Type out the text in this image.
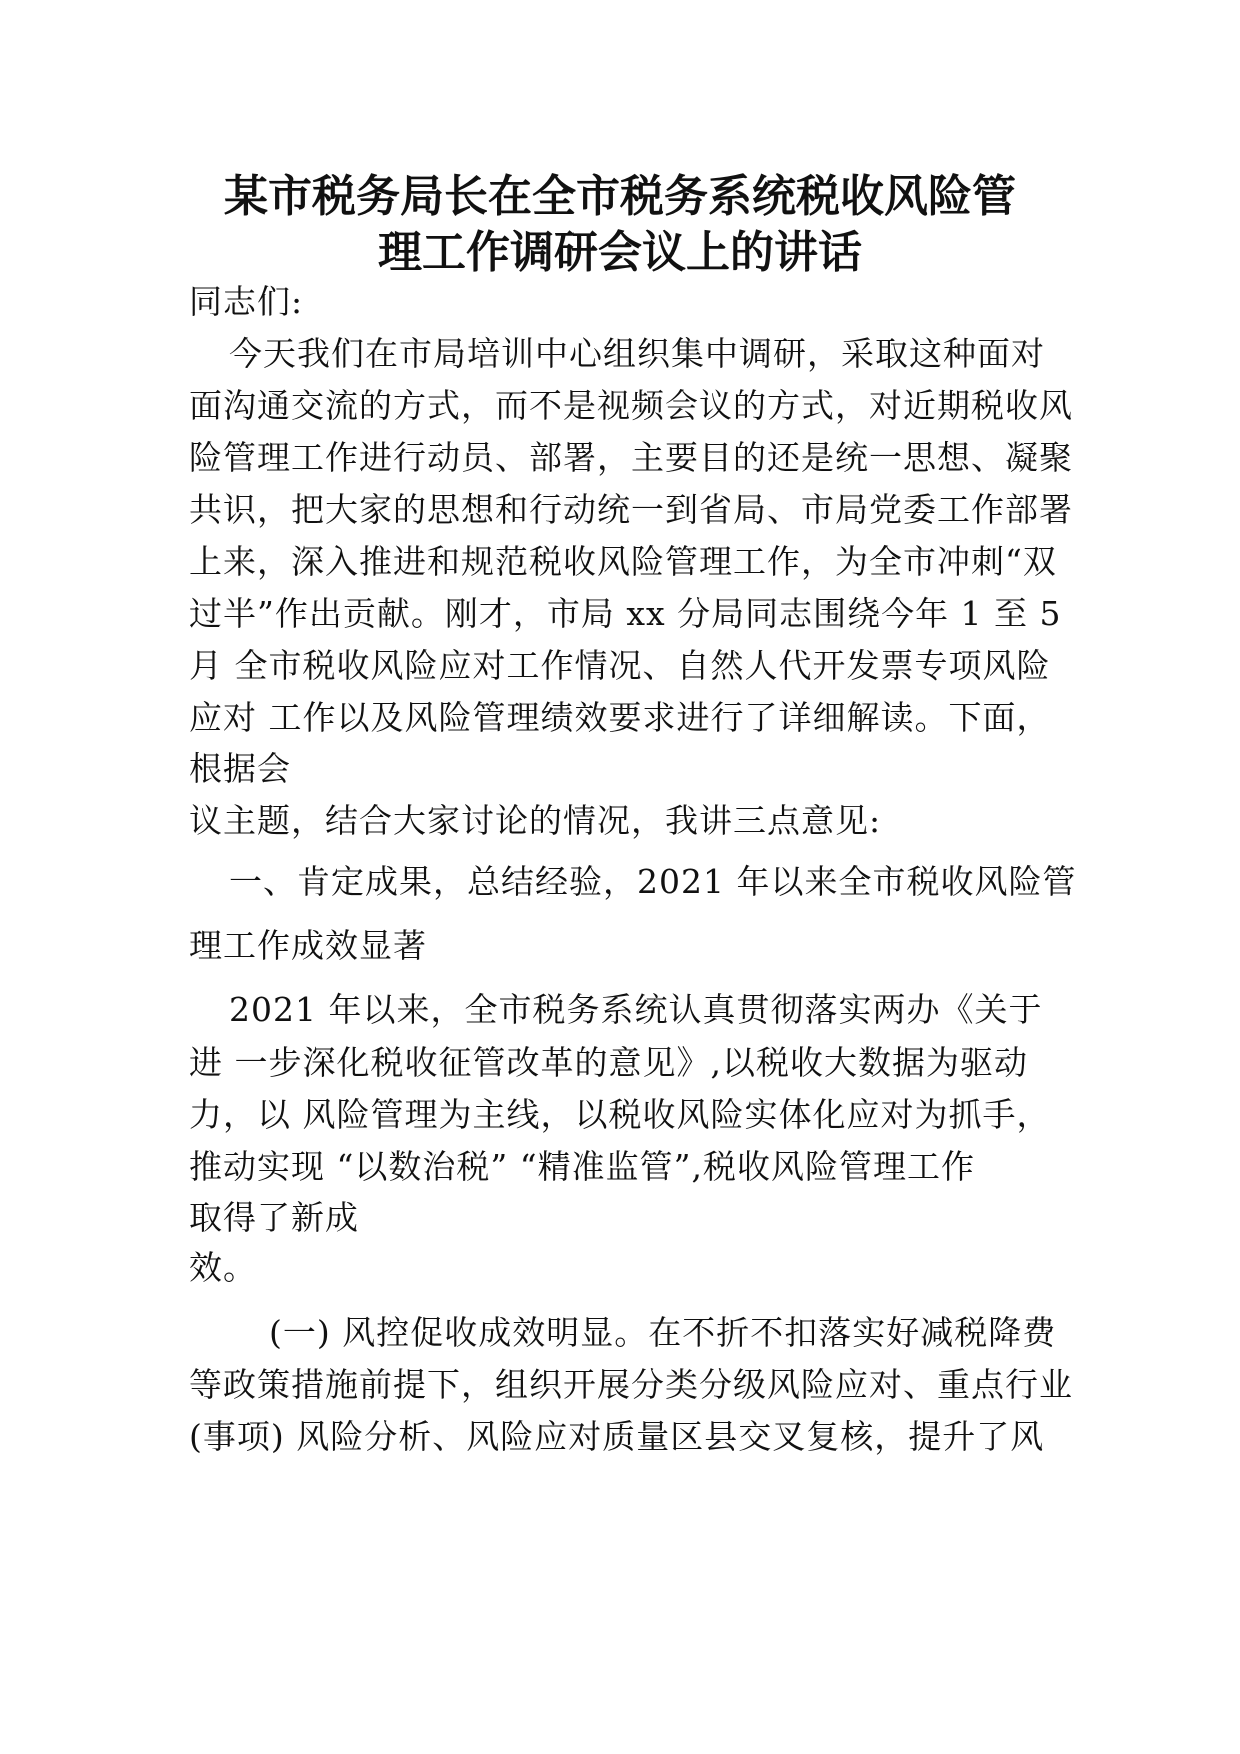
某市税务局长在全市税务系统税收风险管
理工作调研会议上的讲话
同志们:
今天我们在市局培训中心组织集中调研，采取这种面对
面沟通交流的方式，而不是视频会议的方式，对近期税收风
险管理工作进行动员、部署，主要目的还是统一思想、凝聚
共识，把大家的思想和行动统一到省局、市局党委工作部署
上来，深入推进和规范税收风险管理工作，为全市冲刺“双
过半”作出贡献。刚才，市局 xx 分局同志围绕今年 1 至 5
月 全市税收风险应对工作情况、自然人代开发票专项风险
应对 工作以及风险管理绩效要求进行了详细解读。下面，
根据会
议主题，结合大家讨论的情况，我讲三点意见:
一、肯定成果，总结经验，2021 年以来全市税收风险管
理工作成效显著
2021 年以来，全市税务系统认真贯彻落实两办《关于
进 一步深化税收征管改革的意见》,以税收大数据为驱动
力，以 风险管理为主线，以税收风险实体化应对为抓手，
推动实现 “以数治税” “精准监管”,税收风险管理工作
取得了新成
效。
(一) 风控促收成效明显。在不折不扣落实好减税降费
等政策措施前提下，组织开展分类分级风险应对、重点行业
(事项) 风险分析、风险应对质量区县交叉复核，提升了风
